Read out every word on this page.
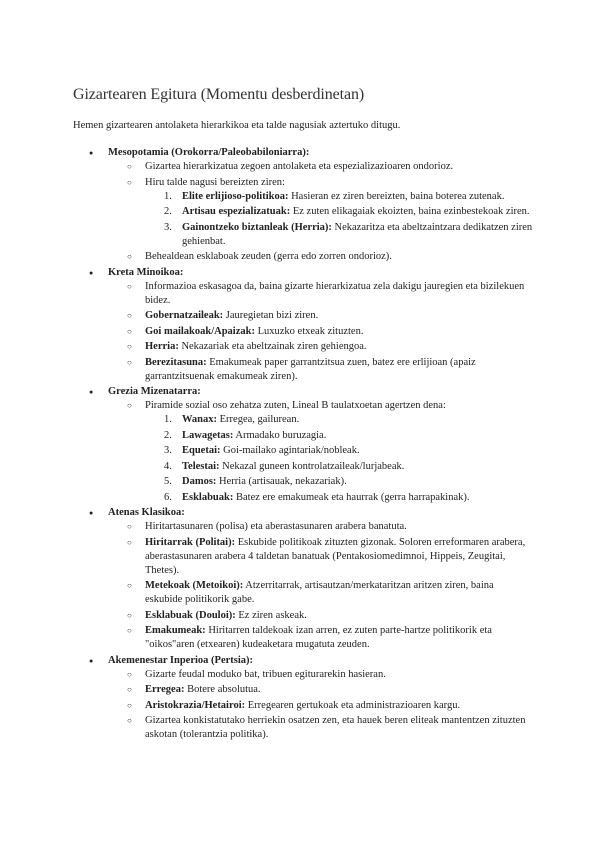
Gizartearen Egitura (Momentu desberdinetan)

Hemen gizartearen antolaketa hierarkikoa eta talde nagusiak aztertuko ditugu.

● Mesopotamia (Orokorra/Paleobabiloniarra):
○ Gizartea hierarkizatua zegoen antolaketa eta espezializazioaren ondorioz.
○ Hiru talde nagusi bereizten ziren:
1. Elite erlijioso-politikoa: Hasieran ez ziren bereizten, baina boterea zutenak.
2. Artisau espezializatuak: Ez zuten elikagaiak ekoizten, baina ezinbestekoak ziren.
3. Gainontzeko biztanleak (Herria): Nekazaritza eta abeltzaintzara dedikatzen ziren gehienbat.
○ Behealdean esklaboak zeuden (gerra edo zorren ondorioz).
● Kreta Minoikoa:
○ Informazioa eskasagoa da, baina gizarte hierarkizatua zela dakigu jauregien eta bizilekuen bidez.
○ Gobernatzaileak: Jauregietan bizi ziren.
○ Goi mailakoak/Apaizak: Luxuzko etxeak zituzten.
○ Herria: Nekazariak eta abeltzainak ziren gehiengoa.
○ Berezitasuna: Emakumeak paper garrantzitsua zuen, batez ere erlijioan (apaiz garrantzitsuenak emakumeak ziren).
● Grezia Mizenatarra:
○ Piramide sozial oso zehatza zuten, Lineal B taulatxoetan agertzen dena:
1. Wanax: Erregea, gailurean.
2. Lawagetas: Armadako buruzagia.
3. Equetai: Goi-mailako agintariak/nobleak.
4. Telestai: Nekazal guneen kontrolatzaileak/lurjabeak.
5. Damos: Herria (artisauak, nekazariak).
6. Esklabuak: Batez ere emakumeak eta haurrak (gerra harrapakinak).
● Atenas Klasikoa:
○ Hiritartasunaren (polisa) eta aberastasunaren arabera banatuta.
○ Hiritarrak (Politai): Eskubide politikoak zituzten gizonak. Soloren erreformaren arabera, aberastasunaren arabera 4 taldetan banatuak (Pentakosiomedimnoi, Hippeis, Zeugitai, Thetes).
○ Metekoak (Metoikoi): Atzerritarrak, artisautzan/merkataritzan aritzen ziren, baina eskubide politikorik gabe.
○ Esklabuak (Douloi): Ez ziren askeak.
○ Emakumeak: Hiritarren taldekoak izan arren, ez zuten parte-hartze politikorik eta "oikos"aren (etxearen) kudeaketara mugatuta zeuden.
● Akemenestar Inperioa (Pertsia):
○ Gizarte feudal moduko bat, tribuen egiturarekin hasieran.
○ Erregea: Botere absolutua.
○ Aristokrazia/Hetairoi: Erregearen gertukoak eta administrazioaren kargu.
○ Gizartea konkistatutako herriekin osatzen zen, eta hauek beren eliteak mantentzen zituzten askotan (tolerantzia politika).
